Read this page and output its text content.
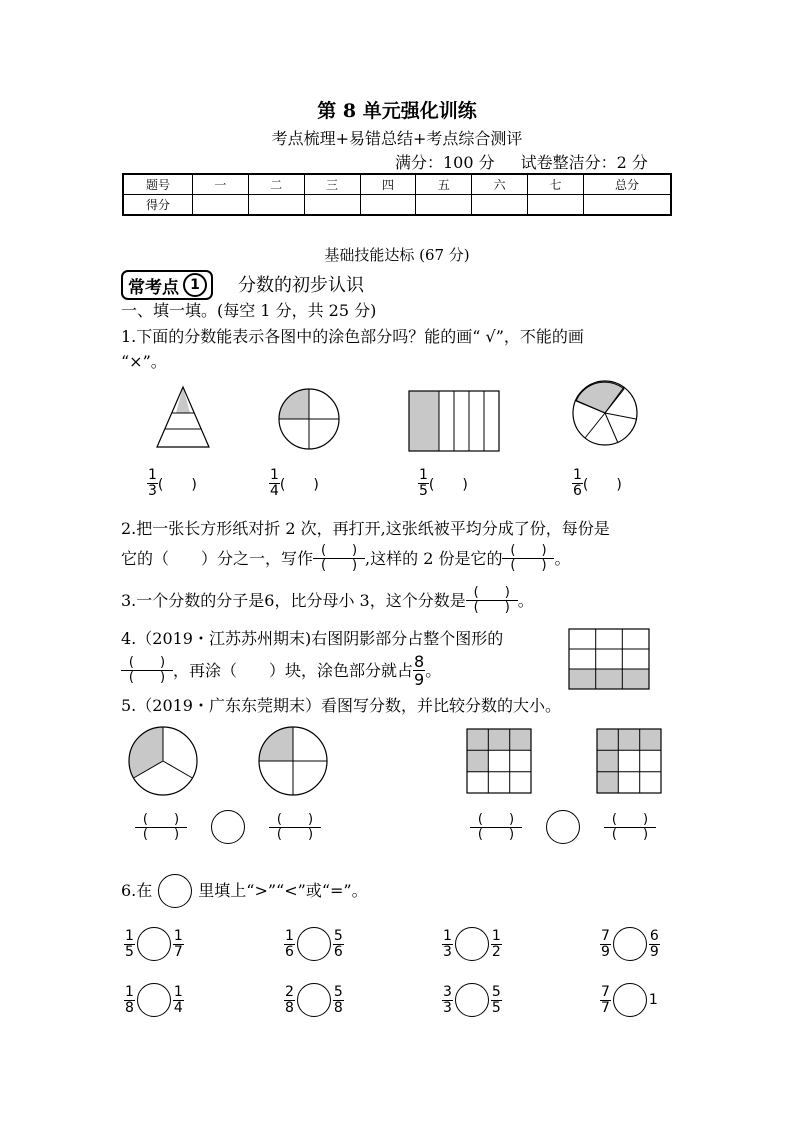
第 8 单元强化训练
考点梳理+易错总结+考点综合测评
满分：100 分 试卷整洁分：2 分
题号	一	二	三	四	五	六	七	总分
得分								
基础技能达标 (67 分)
常考点 1	分数的初步认识
一、填一填。(每空 1 分，共 25 分)
1.下面的分数能表示各图中的涂色部分吗？能的画“ √”，不能的画
“×”。
$\frac{1}{3}$ (　　)	$\frac{1}{4}$ (　　)	$\frac{1}{5}$ (　　)	$\frac{1}{6}$ (　　)
2.把一张长方形纸对折 2 次，再打开,这张纸被平均分成了份，每份是
它的（　　）分之一，写作 (　　)
(　　) ,这样的 2 份是它的 (　　)
(　　) 。
3.一个分数的分子是6，比分母小 3，这个分数是 (　　)
(　　) 。
4.（2019・江苏苏州期末)右图阴影部分占整个图形的
(　　)
(　　) ，再涂（　　）块，涂色部分就占 $\frac{8}{9}$ 。
5.（2019・广东东莞期末）看图写分数，并比较分数的大小。
(　　)
(　　)
(　　)
(　　)
(　　)
(　　)
(　　)
(　　)
6.在	里填上“>”“<”或“=”。
$\frac{1}{5}$	$\frac{1}{7}$	$\frac{1}{6}$	$\frac{5}{6}$	$\frac{1}{3}$	$\frac{1}{2}$	$\frac{7}{9}$	$\frac{6}{9}$
$\frac{1}{8}$	$\frac{1}{4}$	$\frac{2}{8}$	$\frac{5}{8}$	$\frac{3}{3}$	$\frac{5}{5}$	$\frac{7}{7}$	1
